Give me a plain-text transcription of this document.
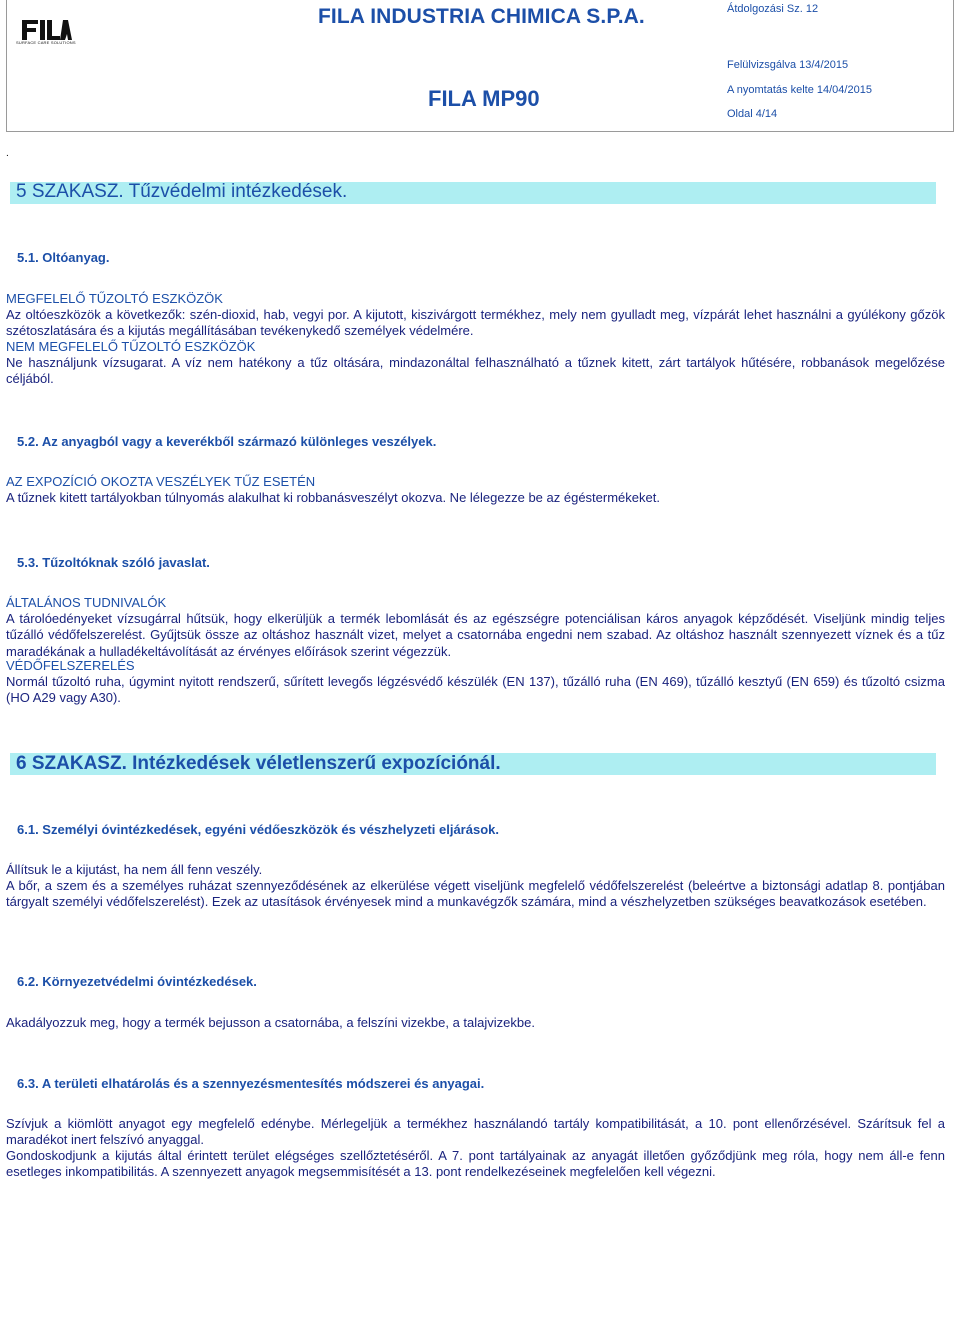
SURFACE CARE SOLUTIONS
FILA INDUSTRIA CHIMICA S.P.A.
FILA MP90
Átdolgozási Sz. 12
Felülvizsgálva 13/4/2015
A nyomtatás kelte 14/04/2015
Oldal 4/14
.
5 SZAKASZ. Tűzvédelmi intézkedések.
5.1. Oltóanyag.
MEGFELELŐ TŰZOLTÓ ESZKÖZÖK
Az oltóeszközök a következők: szén-dioxid, hab, vegyi por. A kijutott, kiszivárgott termékhez, mely nem gyulladt meg, vízpárát lehet használni a gyúlékony gőzök szétoszlatására és a kijutás megállításában tevékenykedő személyek védelmére.
NEM MEGFELELŐ TŰZOLTÓ ESZKÖZÖK
Ne használjunk vízsugarat. A víz nem hatékony a tűz oltására, mindazonáltal felhasználható a tűznek kitett, zárt tartályok hűtésére, robbanások megelőzése céljából.
5.2. Az anyagból vagy a keverékből származó különleges veszélyek.
AZ EXPOZÍCIÓ OKOZTA VESZÉLYEK TŰZ ESETÉN
A tűznek kitett tartályokban túlnyomás alakulhat ki robbanásveszélyt okozva. Ne lélegezze be az égéstermékeket.
5.3. Tűzoltóknak szóló javaslat.
ÁLTALÁNOS TUDNIVALÓK
A tárolóedényeket vízsugárral hűtsük, hogy elkerüljük a termék lebomlását és az egészségre potenciálisan káros anyagok képződését. Viseljünk mindig teljes tűzálló védőfelszerelést. Gyűjtsük össze az oltáshoz használt vizet, melyet a csatornába engedni nem szabad. Az oltáshoz használt szennyezett víznek és a tűz maradékának a hulladékeltávolítását az érvényes előírások szerint végezzük.
VÉDŐFELSZERELÉS
Normál tűzoltó ruha, úgymint nyitott rendszerű, sűrített levegős légzésvédő készülék (EN 137), tűzálló ruha (EN 469), tűzálló kesztyű (EN 659) és tűzoltó csizma (HO A29 vagy A30).
6 SZAKASZ. Intézkedések véletlenszerű expozíciónál.
6.1. Személyi óvintézkedések, egyéni védőeszközök és vészhelyzeti eljárások.
Állítsuk le a kijutást, ha nem áll fenn veszély.
A bőr, a szem és a személyes ruházat szennyeződésének az elkerülése végett viseljünk megfelelő védőfelszerelést (beleértve a biztonsági adatlap 8. pontjában tárgyalt személyi védőfelszerelést). Ezek az utasítások érvényesek mind a munkavégzők számára, mind a vészhelyzetben szükséges beavatkozások esetében.
6.2. Környezetvédelmi óvintézkedések.
Akadályozzuk meg, hogy a termék bejusson a csatornába, a felszíni vizekbe, a talajvizekbe.
6.3. A területi elhatárolás és a szennyezésmentesítés módszerei és anyagai.
Szívjuk a kiömlött anyagot egy megfelelő edénybe. Mérlegeljük a termékhez használandó tartály kompatibilitását, a 10. pont ellenőrzésével. Szárítsuk fel a maradékot inert felszívó anyaggal.
Gondoskodjunk a kijutás által érintett terület elégséges szellőztetéséről. A 7. pont tartályainak az anyagát illetően győződjünk meg róla, hogy nem áll-e fenn esetleges inkompatibilitás. A szennyezett anyagok megsemmisítését a 13. pont rendelkezéseinek megfelelően kell végezni.
